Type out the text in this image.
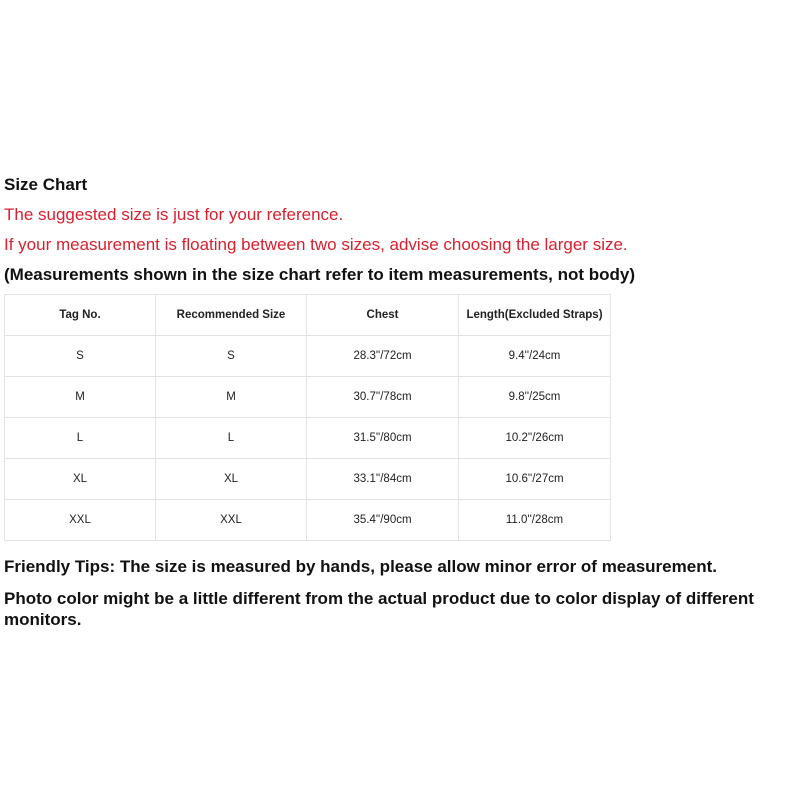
Size Chart
The suggested size is just for your reference.
If your measurement is floating between two sizes, advise choosing the larger size.
(Measurements shown in the size chart refer to item measurements, not body)
Tag No.	Recommended Size	Chest	Length(Excluded Straps)
S	S	28.3''/72cm	9.4''/24cm
M	M	30.7''/78cm	9.8''/25cm
L	L	31.5''/80cm	10.2''/26cm
XL	XL	33.1''/84cm	10.6''/27cm
XXL	XXL	35.4''/90cm	11.0''/28cm
Friendly Tips: The size is measured by hands, please allow minor error of measurement.
Photo color might be a little different from the actual product due to color display of different monitors.
